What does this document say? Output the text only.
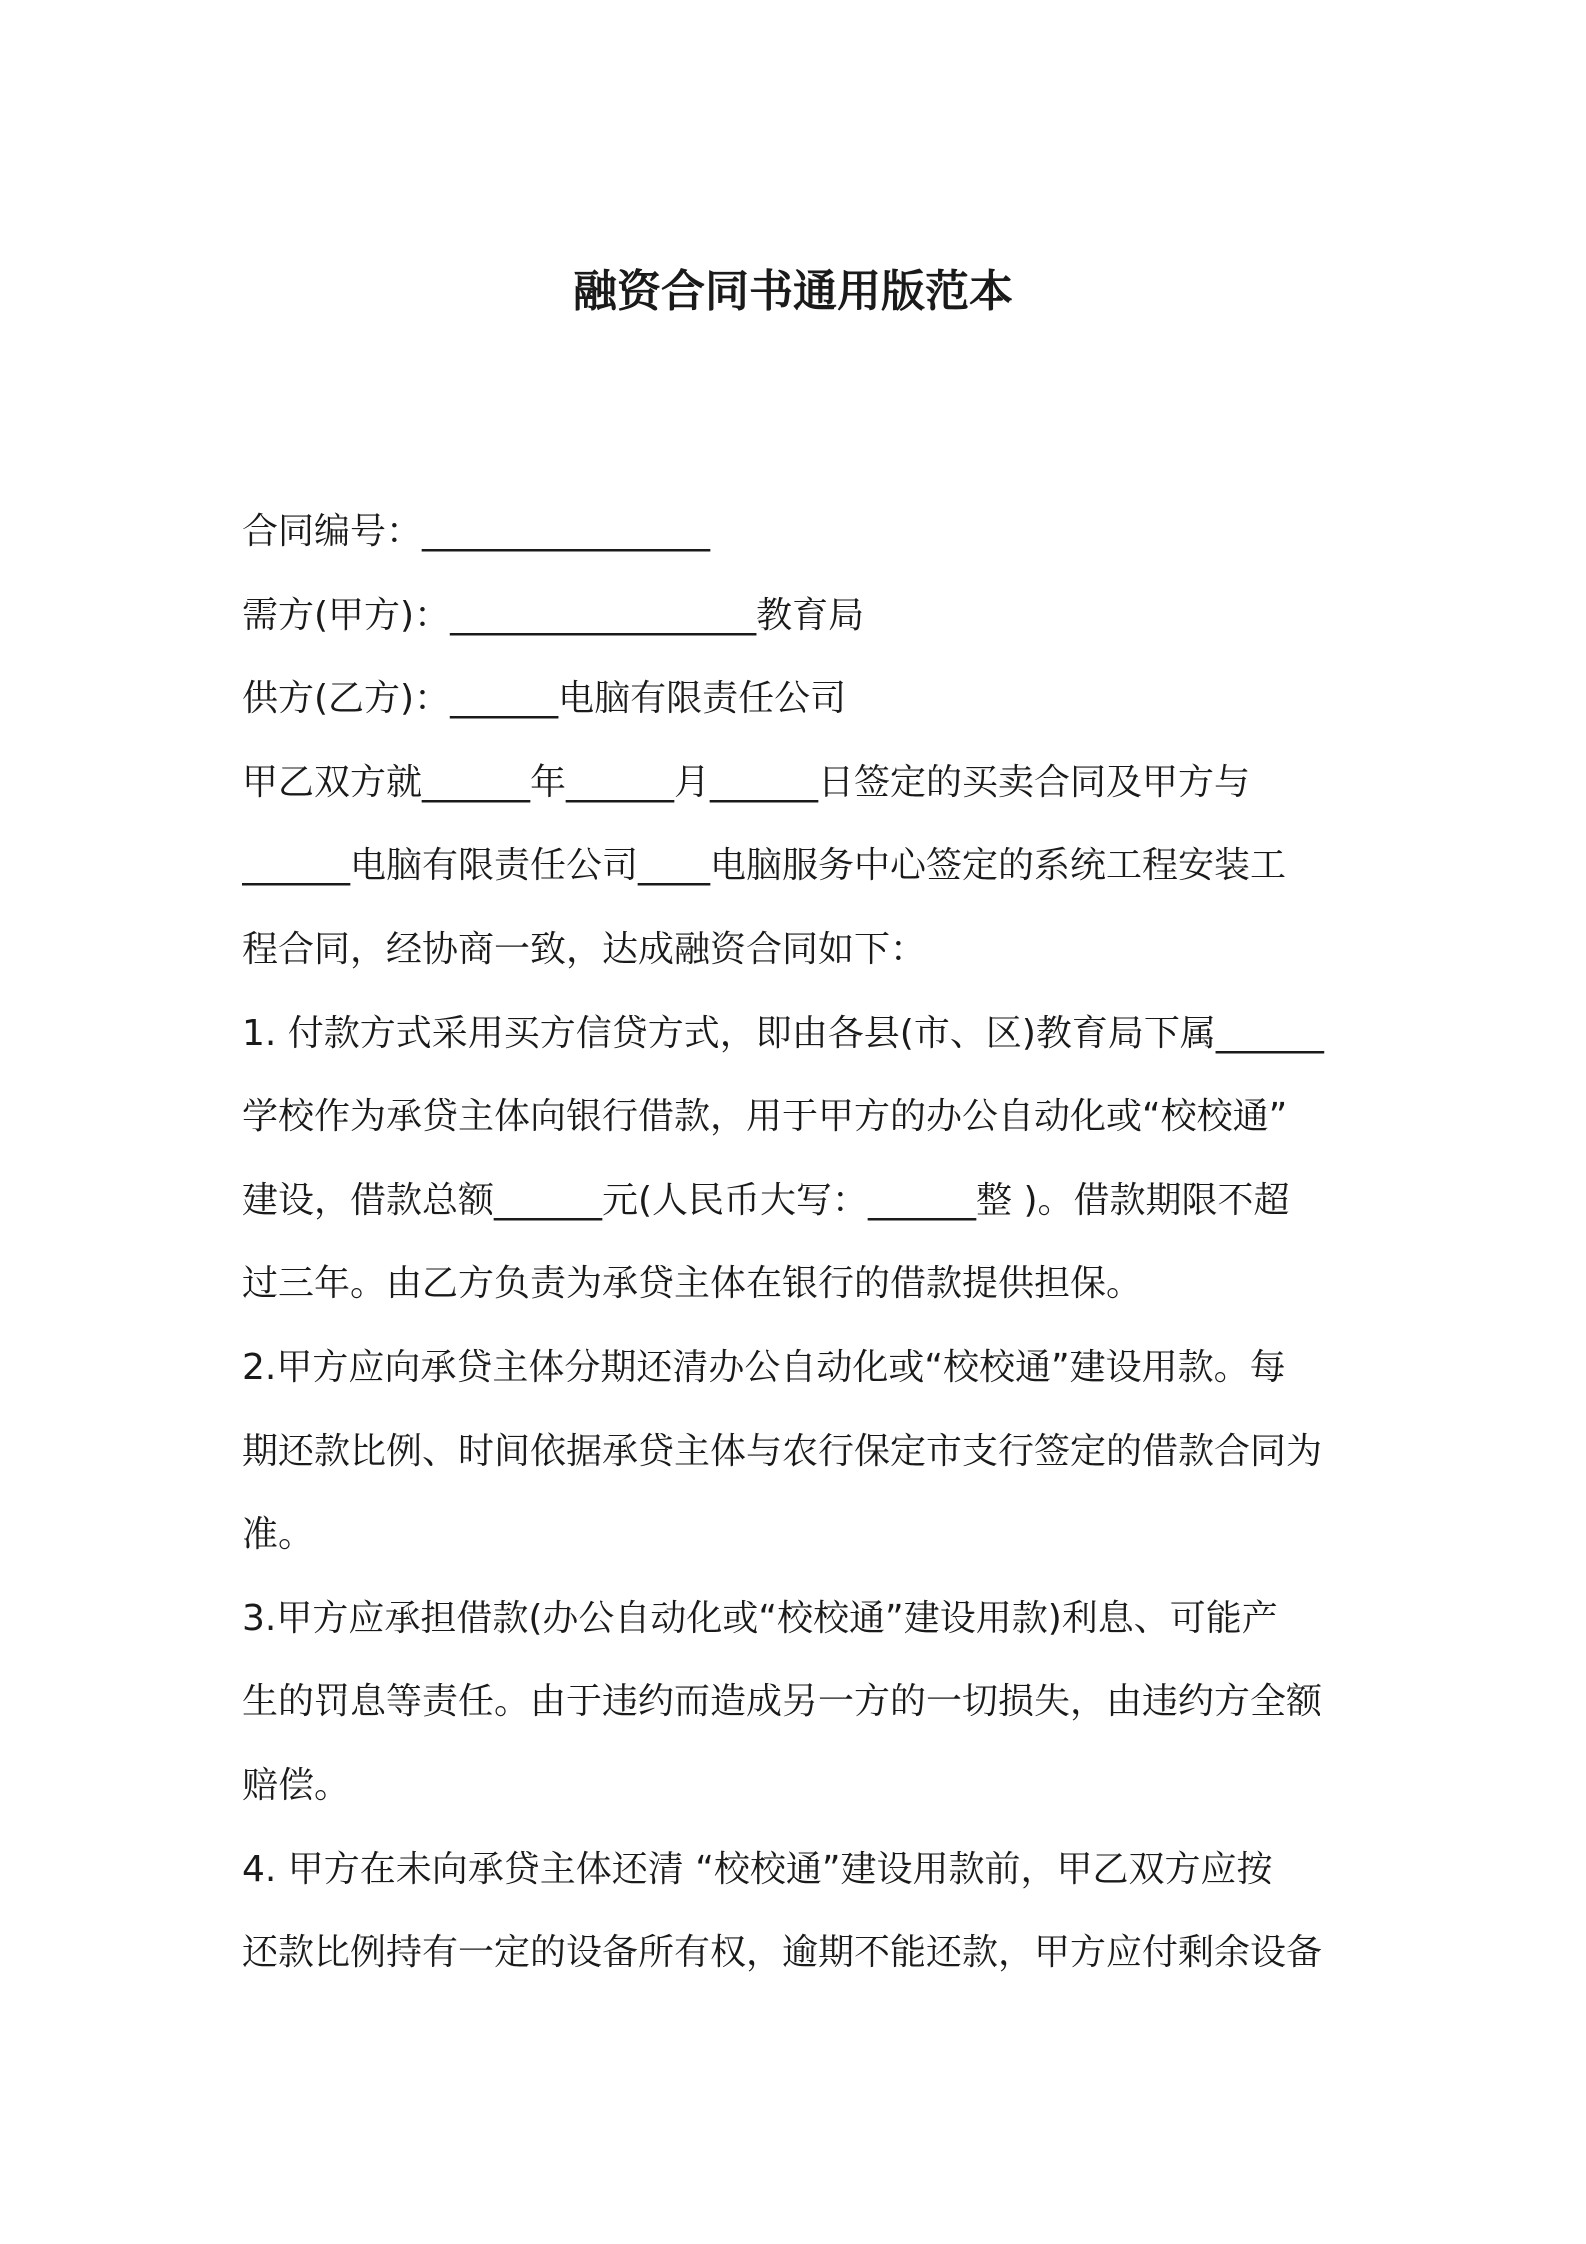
融资合同书通用版范本
合同编号：________________
需方(甲方)：_________________教育局
供方(乙方)：______电脑有限责任公司
甲乙双方就______年______月______日签定的买卖合同及甲方与
______电脑有限责任公司____电脑服务中心签定的系统工程安装工
程合同，经协商一致，达成融资合同如下：
1. 付款方式采用买方信贷方式，即由各县(市、区)教育局下属______
学校作为承贷主体向银行借款，用于甲方的办公自动化或“校校通”
建设，借款总额______元(人民币大写：______整 )。借款期限不超
过三年。由乙方负责为承贷主体在银行的借款提供担保。
2.甲方应向承贷主体分期还清办公自动化或“校校通”建设用款。每
期还款比例、时间依据承贷主体与农行保定市支行签定的借款合同为
准。
3.甲方应承担借款(办公自动化或“校校通”建设用款)利息、可能产
生的罚息等责任。由于违约而造成另一方的一切损失，由违约方全额
赔偿。
4. 甲方在未向承贷主体还清 “校校通”建设用款前，甲乙双方应按
还款比例持有一定的设备所有权，逾期不能还款，甲方应付剩余设备
